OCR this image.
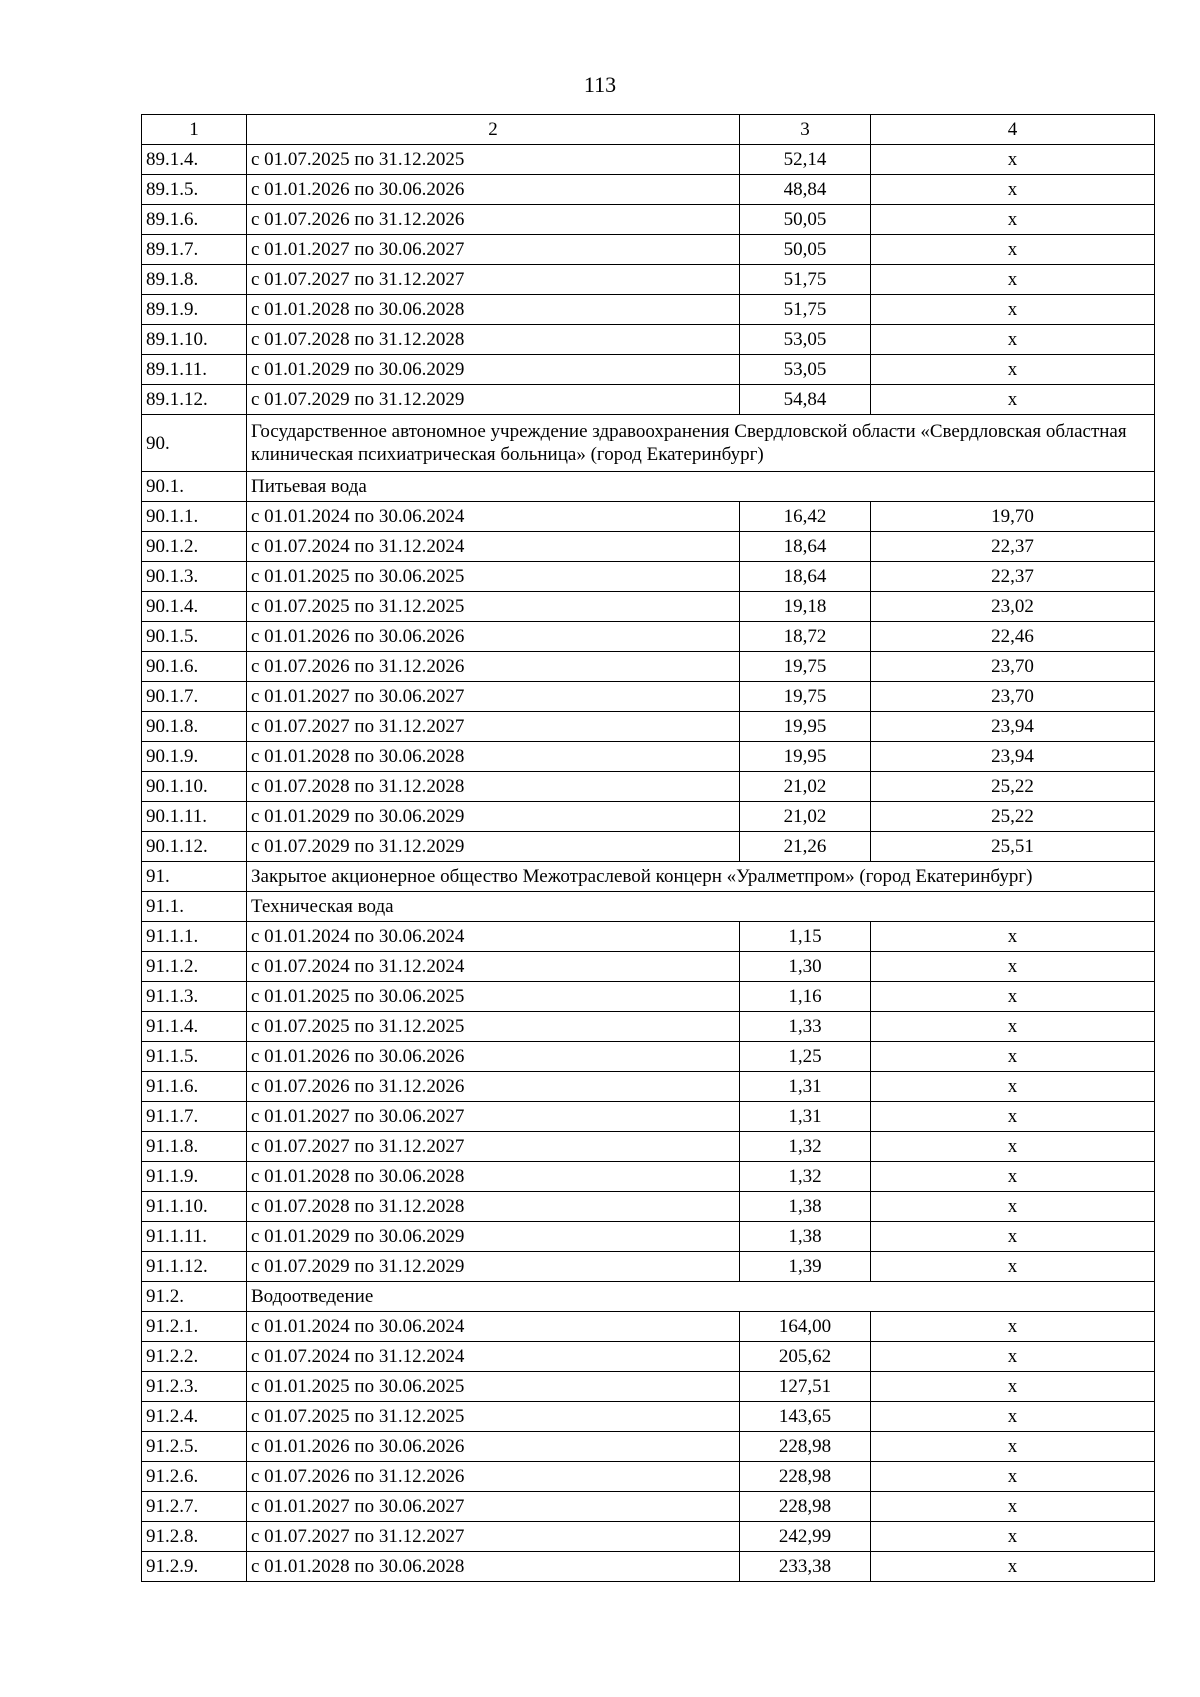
113
1	2	3	4
89.1.4.	с 01.07.2025 по 31.12.2025	52,14	х
89.1.5.	с 01.01.2026 по 30.06.2026	48,84	х
89.1.6.	с 01.07.2026 по 31.12.2026	50,05	х
89.1.7.	с 01.01.2027 по 30.06.2027	50,05	х
89.1.8.	с 01.07.2027 по 31.12.2027	51,75	х
89.1.9.	с 01.01.2028 по 30.06.2028	51,75	х
89.1.10.	с 01.07.2028 по 31.12.2028	53,05	х
89.1.11.	с 01.01.2029 по 30.06.2029	53,05	х
89.1.12.	с 01.07.2029 по 31.12.2029	54,84	х
90.	Государственное автономное учреждение здравоохранения Свердловской области «Свердловская областная клиническая психиатрическая больница» (город Екатеринбург)		
90.1.	Питьевая вода		
90.1.1.	с 01.01.2024 по 30.06.2024	16,42	19,70
90.1.2.	с 01.07.2024 по 31.12.2024	18,64	22,37
90.1.3.	с 01.01.2025 по 30.06.2025	18,64	22,37
90.1.4.	с 01.07.2025 по 31.12.2025	19,18	23,02
90.1.5.	с 01.01.2026 по 30.06.2026	18,72	22,46
90.1.6.	с 01.07.2026 по 31.12.2026	19,75	23,70
90.1.7.	с 01.01.2027 по 30.06.2027	19,75	23,70
90.1.8.	с 01.07.2027 по 31.12.2027	19,95	23,94
90.1.9.	с 01.01.2028 по 30.06.2028	19,95	23,94
90.1.10.	с 01.07.2028 по 31.12.2028	21,02	25,22
90.1.11.	с 01.01.2029 по 30.06.2029	21,02	25,22
90.1.12.	с 01.07.2029 по 31.12.2029	21,26	25,51
91.	Закрытое акционерное общество Межотраслевой концерн «Уралметпром» (город Екатеринбург)		
91.1.	Техническая вода		
91.1.1.	с 01.01.2024 по 30.06.2024	1,15	х
91.1.2.	с 01.07.2024 по 31.12.2024	1,30	х
91.1.3.	с 01.01.2025 по 30.06.2025	1,16	х
91.1.4.	с 01.07.2025 по 31.12.2025	1,33	х
91.1.5.	с 01.01.2026 по 30.06.2026	1,25	х
91.1.6.	с 01.07.2026 по 31.12.2026	1,31	х
91.1.7.	с 01.01.2027 по 30.06.2027	1,31	х
91.1.8.	с 01.07.2027 по 31.12.2027	1,32	х
91.1.9.	с 01.01.2028 по 30.06.2028	1,32	х
91.1.10.	с 01.07.2028 по 31.12.2028	1,38	х
91.1.11.	с 01.01.2029 по 30.06.2029	1,38	х
91.1.12.	с 01.07.2029 по 31.12.2029	1,39	х
91.2.	Водоотведение		
91.2.1.	с 01.01.2024 по 30.06.2024	164,00	х
91.2.2.	с 01.07.2024 по 31.12.2024	205,62	х
91.2.3.	с 01.01.2025 по 30.06.2025	127,51	х
91.2.4.	с 01.07.2025 по 31.12.2025	143,65	х
91.2.5.	с 01.01.2026 по 30.06.2026	228,98	х
91.2.6.	с 01.07.2026 по 31.12.2026	228,98	х
91.2.7.	с 01.01.2027 по 30.06.2027	228,98	х
91.2.8.	с 01.07.2027 по 31.12.2027	242,99	х
91.2.9.	с 01.01.2028 по 30.06.2028	233,38	х
